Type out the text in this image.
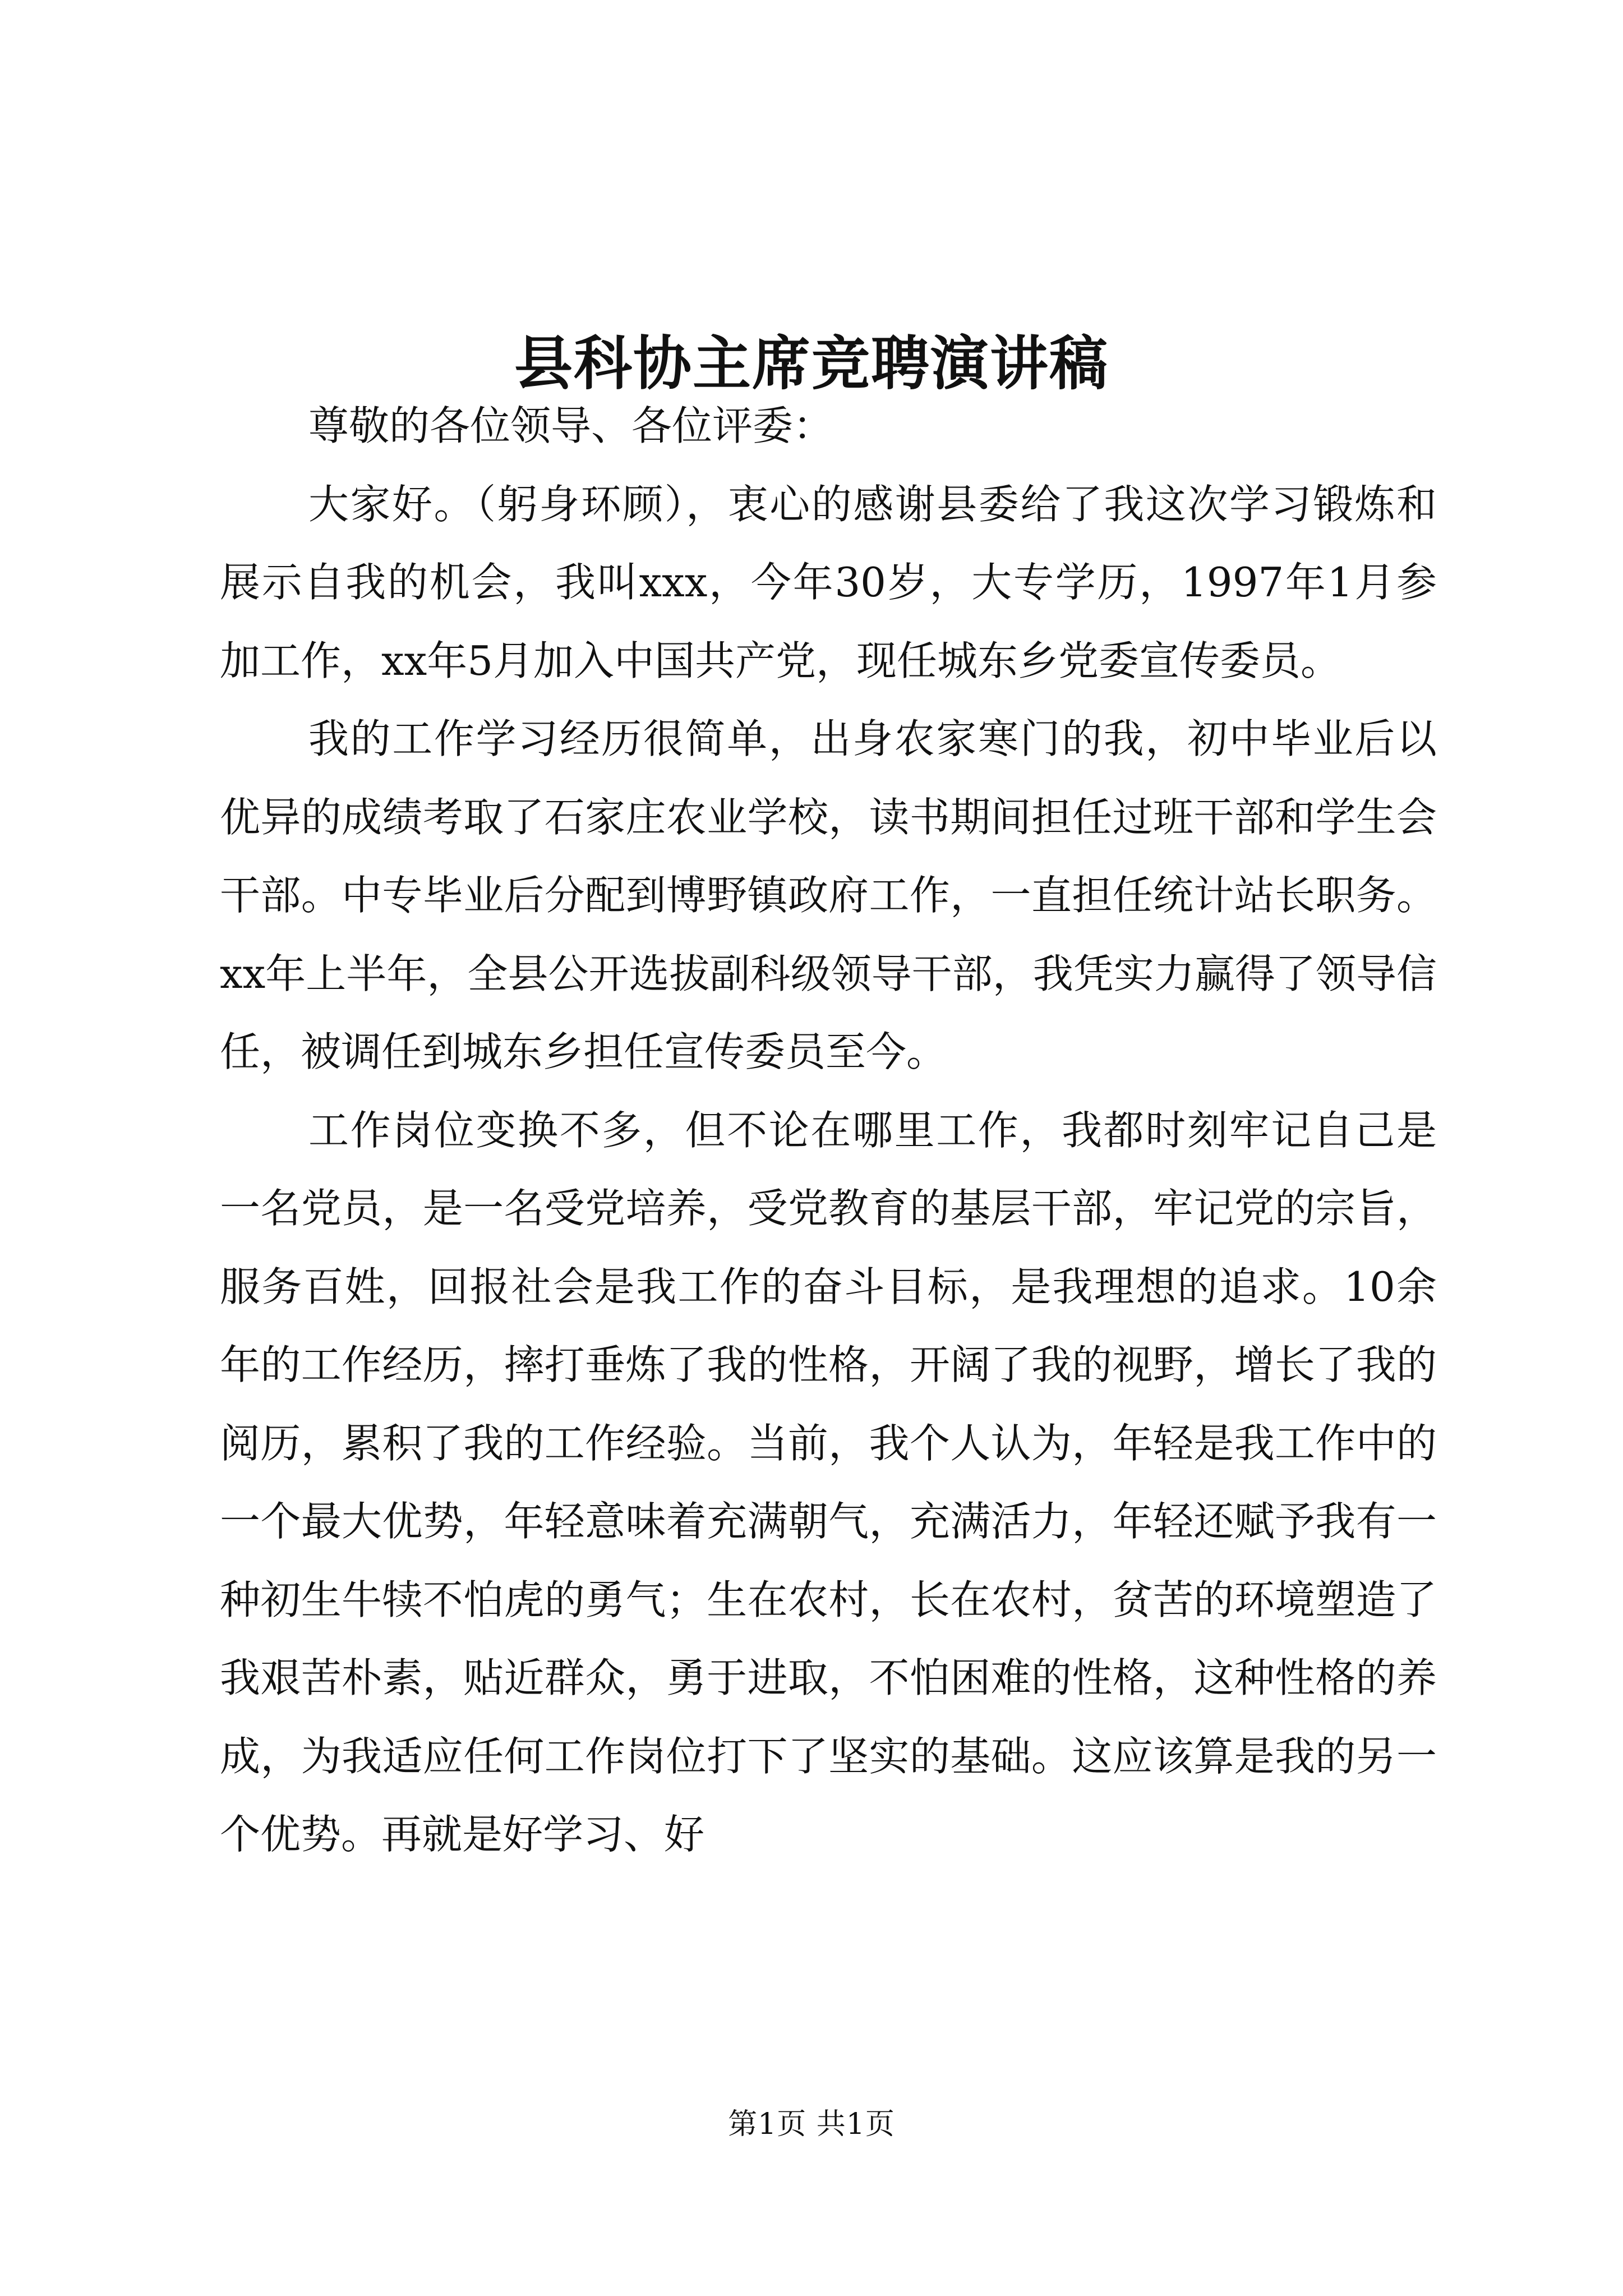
县科协主席竞聘演讲稿

尊敬的各位领导、各位评委：

大家好。（躬身环顾），衷心的感谢县委给了我这次学习锻炼和展示自我的机会，我叫xxx，今年30岁，大专学历，1997年1月参加工作，xx年5月加入中国共产党，现任城东乡党委宣传委员。

我的工作学习经历很简单，出身农家寒门的我，初中毕业后以优异的成绩考取了石家庄农业学校，读书期间担任过班干部和学生会干部。中专毕业后分配到博野镇政府工作，一直担任统计站长职务。xx年上半年，全县公开选拔副科级领导干部，我凭实力赢得了领导信任，被调任到城东乡担任宣传委员至今。

工作岗位变换不多，但不论在哪里工作，我都时刻牢记自己是一名党员，是一名受党培养，受党教育的基层干部，牢记党的宗旨，服务百姓，回报社会是我工作的奋斗目标，是我理想的追求。10余年的工作经历，摔打垂炼了我的性格，开阔了我的视野，增长了我的阅历，累积了我的工作经验。当前，我个人认为，年轻是我工作中的一个最大优势，年轻意味着充满朝气，充满活力，年轻还赋予我有一种初生牛犊不怕虎的勇气；生在农村，长在农村，贫苦的环境塑造了我艰苦朴素，贴近群众，勇于进取，不怕困难的性格，这种性格的养成，为我适应任何工作岗位打下了坚实的基础。这应该算是我的另一个优势。再就是好学习、好

第1页 共1页
